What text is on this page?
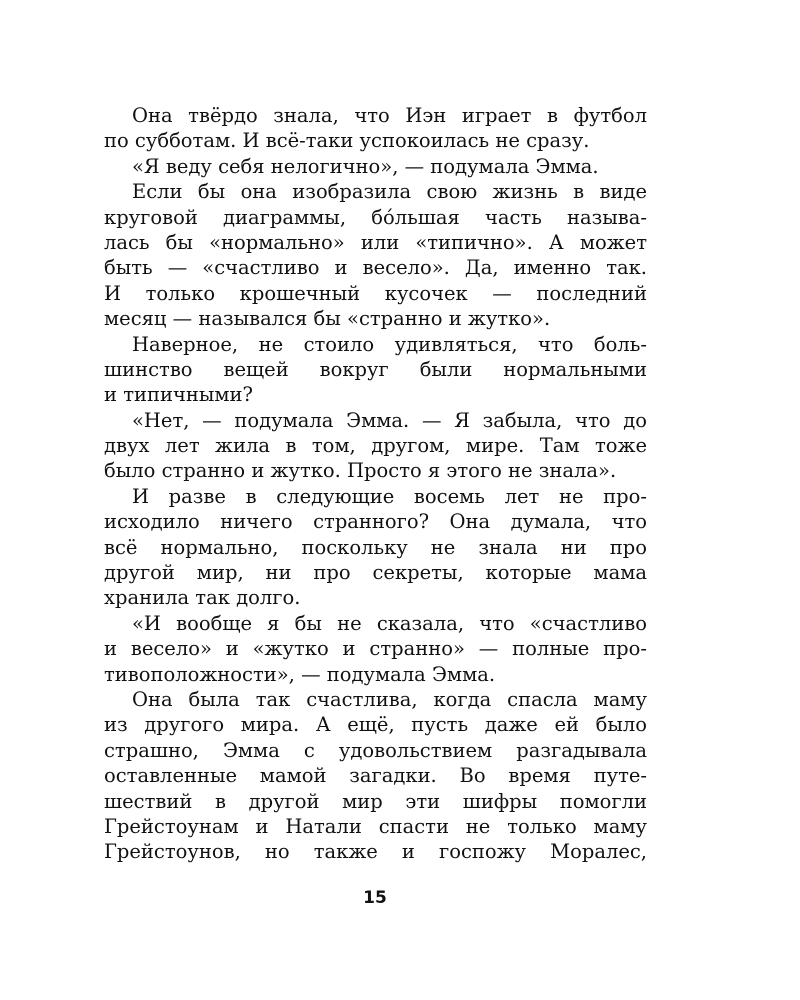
Она твёрдо знала, что Иэн играет в футбол
по субботам. И всё-таки успокоилась не сразу.
«Я веду себя нелогично», — подумала Эмма.
Если бы она изобразила свою жизнь в виде
круговой диаграммы, бо́льшая часть называ-
лась бы «нормально» или «типично». А может
быть — «счастливо и весело». Да, именно так.
И только крошечный кусочек — последний
месяц — назывался бы «странно и жутко».
Наверное, не стоило удивляться, что боль-
шинство вещей вокруг были нормальными
и типичными?
«Нет, — подумала Эмма. — Я забыла, что до
двух лет жила в том, другом, мире. Там тоже
было странно и жутко. Просто я этого не знала».
И разве в следующие восемь лет не про-
исходило ничего странного? Она думала, что
всё нормально, поскольку не знала ни про
другой мир, ни про секреты, которые мама
хранила так долго.
«И вообще я бы не сказала, что «счастливо
и весело» и «жутко и странно» — полные про-
тивоположности», — подумала Эмма.
Она была так счастлива, когда спасла маму
из другого мира. А ещё, пусть даже ей было
страшно, Эмма с удовольствием разгадывала
оставленные мамой загадки. Во время путе-
шествий в другой мир эти шифры помогли
Грейстоунам и Натали спасти не только маму
Грейстоунов, но также и госпожу Моралес,
15
